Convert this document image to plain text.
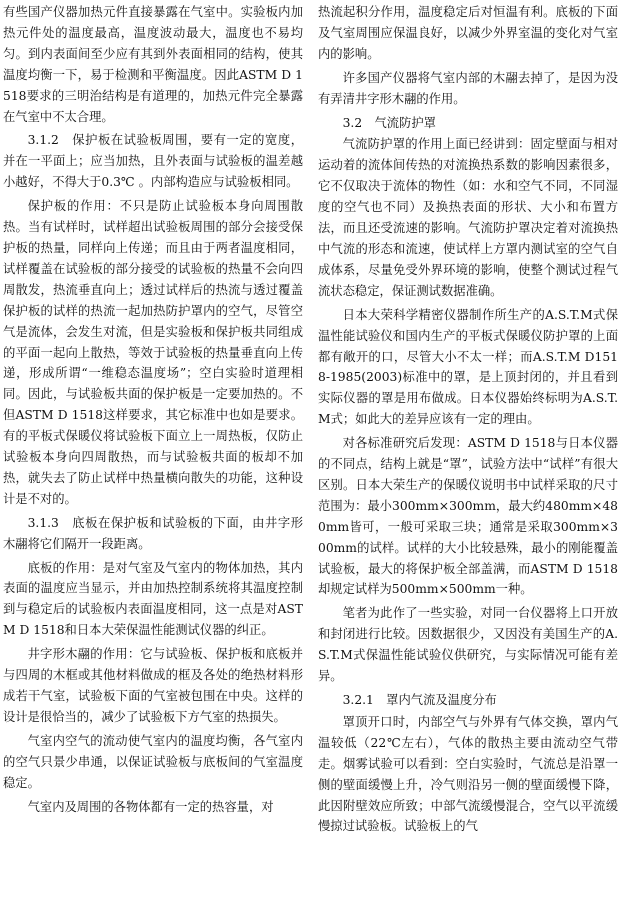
有些国产仪器加热元件直接暴露在气室中。实验板内加热元件处的温度最高，温度波动最大，温度也不易均匀。到内表面间至少应有其到外表面相同的结构，使其温度均衡一下，易于检测和平衡温度。因此ASTM D 1518要求的三明治结构是有道理的，加热元件完全暴露在气室中不太合理。

3.1.2　保护板在试验板周围，要有一定的宽度，并在一平面上；应当加热，且外表面与试验板的温差越小越好，不得大于0.3℃ 。内部构造应与试验板相同。

保护板的作用：不只是防止试验板本身向周围散热。当有试样时，试样超出试验板周围的部分会接受保护板的热量，同样向上传递；而且由于两者温度相同，试样覆盖在试验板的部分接受的试验板的热量不会向四周散发，热流垂直向上；透过试样后的热流与透过覆盖保护板的试样的热流一起加热防护罩内的空气，尽管空气是流体，会发生对流，但是实验板和保护板共同组成的平面一起向上散热，等效于试验板的热量垂直向上传递，形成所谓“一维稳态温度场”；空白实验时道理相同。因此，与试验板共面的保护板是一定要加热的。不但ASTM D 1518这样要求，其它标准中也如是要求。有的平板式保暖仪将试验板下面立上一周热板，仅防止试验板本身向四周散热，而与试验板共面的板却不加热，就失去了防止试样中热量横向散失的功能，这种设计是不对的。

3.1.3　底板在保护板和试验板的下面，由井字形木翮将它们隔开一段距离。

底板的作用：是对气室及气室内的物体加热，其内表面的温度应当显示，并由加热控制系统将其温度控制到与稳定后的试验板内表面温度相同，这一点是对ASTM D 1518和日本大荣保温性能测试仪器的纠正。

井字形木翮的作用：它与试验板、保护板和底板并与四周的木框或其他材料做成的框及各处的绝热材料形成若干气室，试验板下面的气室被包围在中央。这样的设计是很恰当的，减少了试验板下方气室的热损失。

气室内空气的流动使气室内的温度均衡，各气室内的空气只景少串通，以保证试验板与底板间的气室温度稳定。

气室内及周围的各物体都有一定的热容量，对

热流起积分作用，温度稳定后对恒温有利。底板的下面及气室周围应保温良好，以减少外界室温的变化对气室内的影响。

许多国产仪器将气室内部的木翮去掉了，是因为没有弄清井字形木翮的作用。

3.2　气流防护罩

气流防护罩的作用上面已经讲到：固定壁面与相对运动着的流体间传热的对流换热系数的影响因素很多，它不仅取决于流体的物性（如：水和空气不同，不同湿度的空气也不同）及换热表面的形状、大小和布置方法，而且还受流速的影响。气流防护罩决定着对流换热中气流的形态和流速，使试样上方罩内测试室的空气自成体系，尽量免受外界环境的影响，使整个测试过程气流状态稳定，保证测试数据准确。

日本大荣科学精密仪器制作所生产的A.S.T.M式保温性能试验仪和国内生产的平板式保暖仪防护罩的上面都有敞开的口，尽管大小不太一样；而A.S.T.M D1518-1985(2003)标准中的罩，是上顶封闭的，并且看到实际仪器的罩是用布做成。日本仪器始终标明为A.S.T.M式；如此大的差异应该有一定的理由。

对各标准研究后发现：ASTM D 1518与日本仪器的不同点，结构上就是“罩”，试验方法中“试样”有很大区别。日本大荣生产的保暖仪说明书中试样采取的尺寸范围为：最小300mm×300mm，最大约480mm×480mm皆可，一般可采取三块；通常是采取300mm×300mm的试样。试样的大小比较悬殊，最小的刚能覆盖试验板，最大的将保护板全部盖满，而ASTM D 1518却规定试样为500mm×500mm一种。

笔者为此作了一些实验，对同一台仪器将上口开放和封闭进行比较。因数据很少，又因没有美国生产的A.S.T.M式保温性能试验仪供研究，与实际情况可能有差异。

3.2.1　罩内气流及温度分布

罩顶开口时，内部空气与外界有气体交换，罩内气温较低（22℃左右），气体的散热主要由流动空气带走。烟雾试验可以看到：空白实验时，气流总是沿罩一侧的壁面缓慢上升，冷气则沿另一侧的壁面缓慢下降，此因附壁效应所致；中部气流缓慢混合，空气以平流缓慢掠过试验板。试验板上的气
